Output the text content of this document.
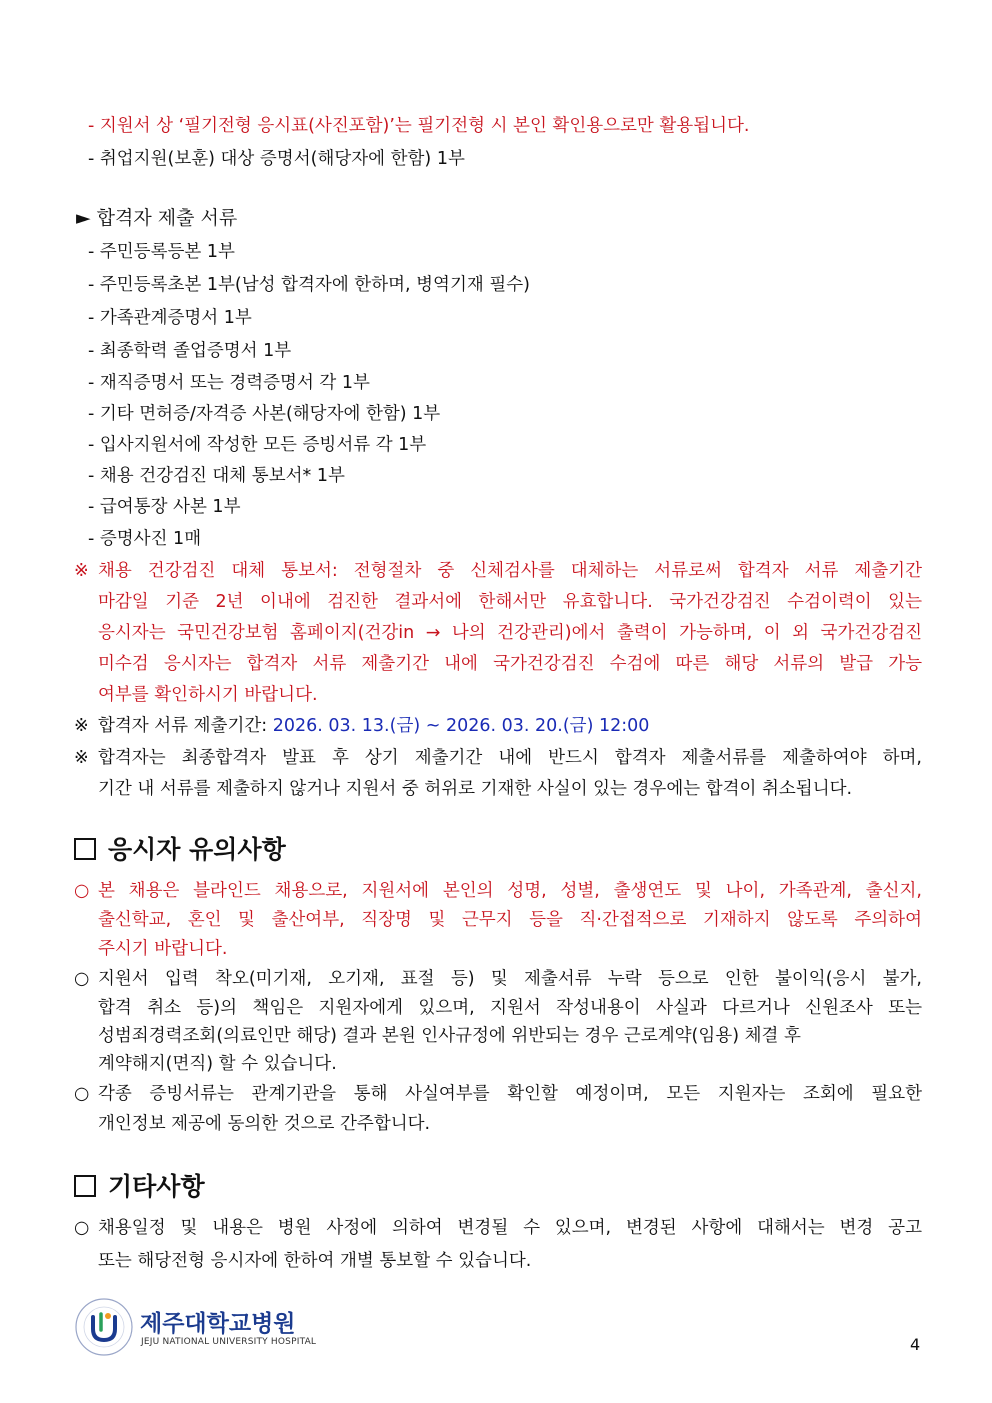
- 지원서 상 ‘필기전형 응시표(사진포함)’는 필기전형 시 본인 확인용으로만 활용됩니다.
- 취업지원(보훈) 대상 증명서(해당자에 한함) 1부
► 합격자 제출 서류
- 주민등록등본 1부
- 주민등록초본 1부(남성 합격자에 한하며, 병역기재 필수)
- 가족관계증명서 1부
- 최종학력 졸업증명서 1부
- 재직증명서 또는 경력증명서 각 1부
- 기타 면허증/자격증 사본(해당자에 한함) 1부
- 입사지원서에 작성한 모든 증빙서류 각 1부
- 채용 건강검진 대체 통보서* 1부
- 급여통장 사본 1부
- 증명사진 1매
※ 채용 건강검진 대체 통보서: 전형절차 중 신체검사를 대체하는 서류로써 합격자 서류 제출기간
마감일 기준 2년 이내에 검진한 결과서에 한해서만 유효합니다. 국가건강검진 수검이력이 있는
응시자는 국민건강보험 홈페이지(건강in → 나의 건강관리)에서 출력이 가능하며, 이 외 국가건강검진
미수검 응시자는 합격자 서류 제출기간 내에 국가건강검진 수검에 따른 해당 서류의 발급 가능
여부를 확인하시기 바랍니다.
※ 합격자 서류 제출기간: 2026. 03. 13.(금) ~ 2026. 03. 20.(금) 12:00
※ 합격자는 최종합격자 발표 후 상기 제출기간 내에 반드시 합격자 제출서류를 제출하여야 하며,
기간 내 서류를 제출하지 않거나 지원서 중 허위로 기재한 사실이 있는 경우에는 합격이 취소됩니다.
응시자 유의사항
○ 본 채용은 블라인드 채용으로, 지원서에 본인의 성명, 성별, 출생연도 및 나이, 가족관계, 출신지,
출신학교, 혼인 및 출산여부, 직장명 및 근무지 등을 직·간접적으로 기재하지 않도록 주의하여
주시기 바랍니다.
○ 지원서 입력 착오(미기재, 오기재, 표절 등) 및 제출서류 누락 등으로 인한 불이익(응시 불가,
합격 취소 등)의 책임은 지원자에게 있으며, 지원서 작성내용이 사실과 다르거나 신원조사 또는
성범죄경력조회(의료인만 해당) 결과 본원 인사규정에 위반되는 경우 근로계약(임용) 체결 후
계약해지(면직) 할 수 있습니다.
○ 각종 증빙서류는 관계기관을 통해 사실여부를 확인할 예정이며, 모든 지원자는 조회에 필요한
개인정보 제공에 동의한 것으로 간주합니다.
기타사항
○ 채용일정 및 내용은 병원 사정에 의하여 변경될 수 있으며, 변경된 사항에 대해서는 변경 공고
또는 해당전형 응시자에 한하여 개별 통보할 수 있습니다.
제주대학교병원
JEJU NATIONAL UNIVERSITY HOSPITAL	4
